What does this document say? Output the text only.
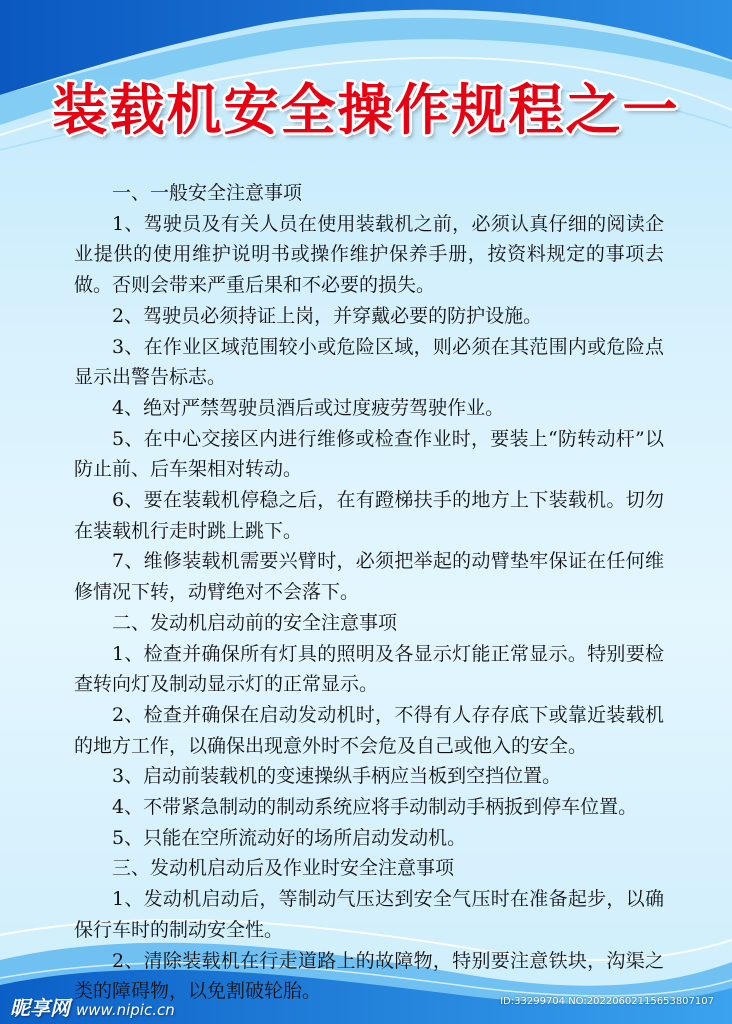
装载机安全操作规程之一

一、一般安全注意事项

1、驾驶员及有关人员在使用装载机之前，必须认真仔细的阅读企业提供的使用维护说明书或操作维护保养手册，按资料规定的事项去做。否则会带来严重后果和不必要的损失。

2、驾驶员必须持证上岗，并穿戴必要的防护设施。

3、在作业区域范围较小或危险区域，则必须在其范围内或危险点显示出警告标志。

4、绝对严禁驾驶员酒后或过度疲劳驾驶作业。

5、在中心交接区内进行维修或检查作业时，要装上“防转动杆”以防止前、后车架相对转动。

6、要在装载机停稳之后，在有蹬梯扶手的地方上下装载机。切勿在装载机行走时跳上跳下。

7、维修装载机需要兴臂时，必须把举起的动臂垫牢保证在任何维修情况下转，动臂绝对不会落下。

二、发动机启动前的安全注意事项

1、检查并确保所有灯具的照明及各显示灯能正常显示。特别要检查转向灯及制动显示灯的正常显示。

2、检查并确保在启动发动机时，不得有人存存底下或靠近装载机的地方工作，以确保出现意外时不会危及自己或他入的安全。

3、启动前装载机的变速操纵手柄应当板到空挡位置。

4、不带紧急制动的制动系统应将手动制动手柄扳到停车位置。

5、只能在空所流动好的场所启动发动机。

三、发动机启动后及作业时安全注意事项

1、发动机启动后，等制动气压达到安全气压时在准备起步，以确保行车时的制动安全性。

2、清除装载机在行走道路上的故障物，特别要注意铁块，沟渠之类的障碍物，以免割破轮胎。

昵享网 www.nipic.cn	ID:33299704 NO:20220602115653807107
